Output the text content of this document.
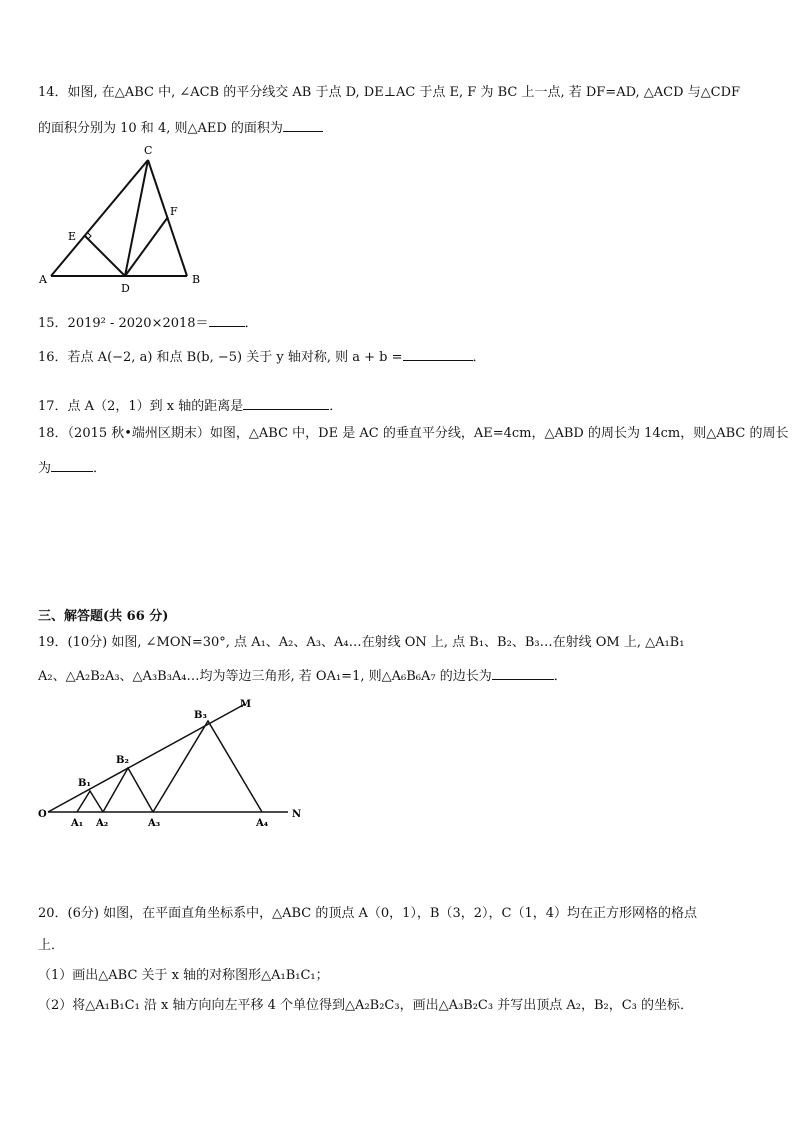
14．如图, 在△ABC 中, ∠ACB 的平分线交 AB 于点 D, DE⊥AC 于点 E, F 为 BC 上一点, 若 DF=AD, △ACD 与△CDF
的面积分别为 10 和 4, 则△AED 的面积为
C
E
F
A
D
B
15．2019² - 2020×2018＝	．
16．若点 A(−2, a) 和点 B(b, −5) 关于 y 轴对称, 则 a + b =	．
17．点 A（2，1）到 x 轴的距离是	．
18．（2015 秋•端州区期末）如图，△ABC 中，DE 是 AC 的垂直平分线，AE=4cm，△ABD 的周长为 14cm，则△ABC 的周长
为	．
三、解答题(共 66 分)
19．(10分) 如图, ∠MON=30°, 点 A₁、A₂、A₃、A₄…在射线 ON 上, 点 B₁、B₂、B₃…在射线 OM 上, △A₁B₁
A₂、△A₂B₂A₃、△A₃B₃A₄…均为等边三角形, 若 OA₁=1, 则△A₆B₆A₇ 的边长为	．
O
M
N
B₁
B₂
B₃
A₁ A₂	A₃	A₄
20．(6分) 如图，在平面直角坐标系中，△ABC 的顶点 A（0，1），B（3，2），C（1，4）均在正方形网格的格点
上．
（1）画出△ABC 关于 x 轴的对称图形△A₁B₁C₁；
（2）将△A₁B₁C₁ 沿 x 轴方向向左平移 4 个单位得到△A₂B₂C₃，画出△A₃B₂C₃ 并写出顶点 A₂，B₂，C₃ 的坐标．
